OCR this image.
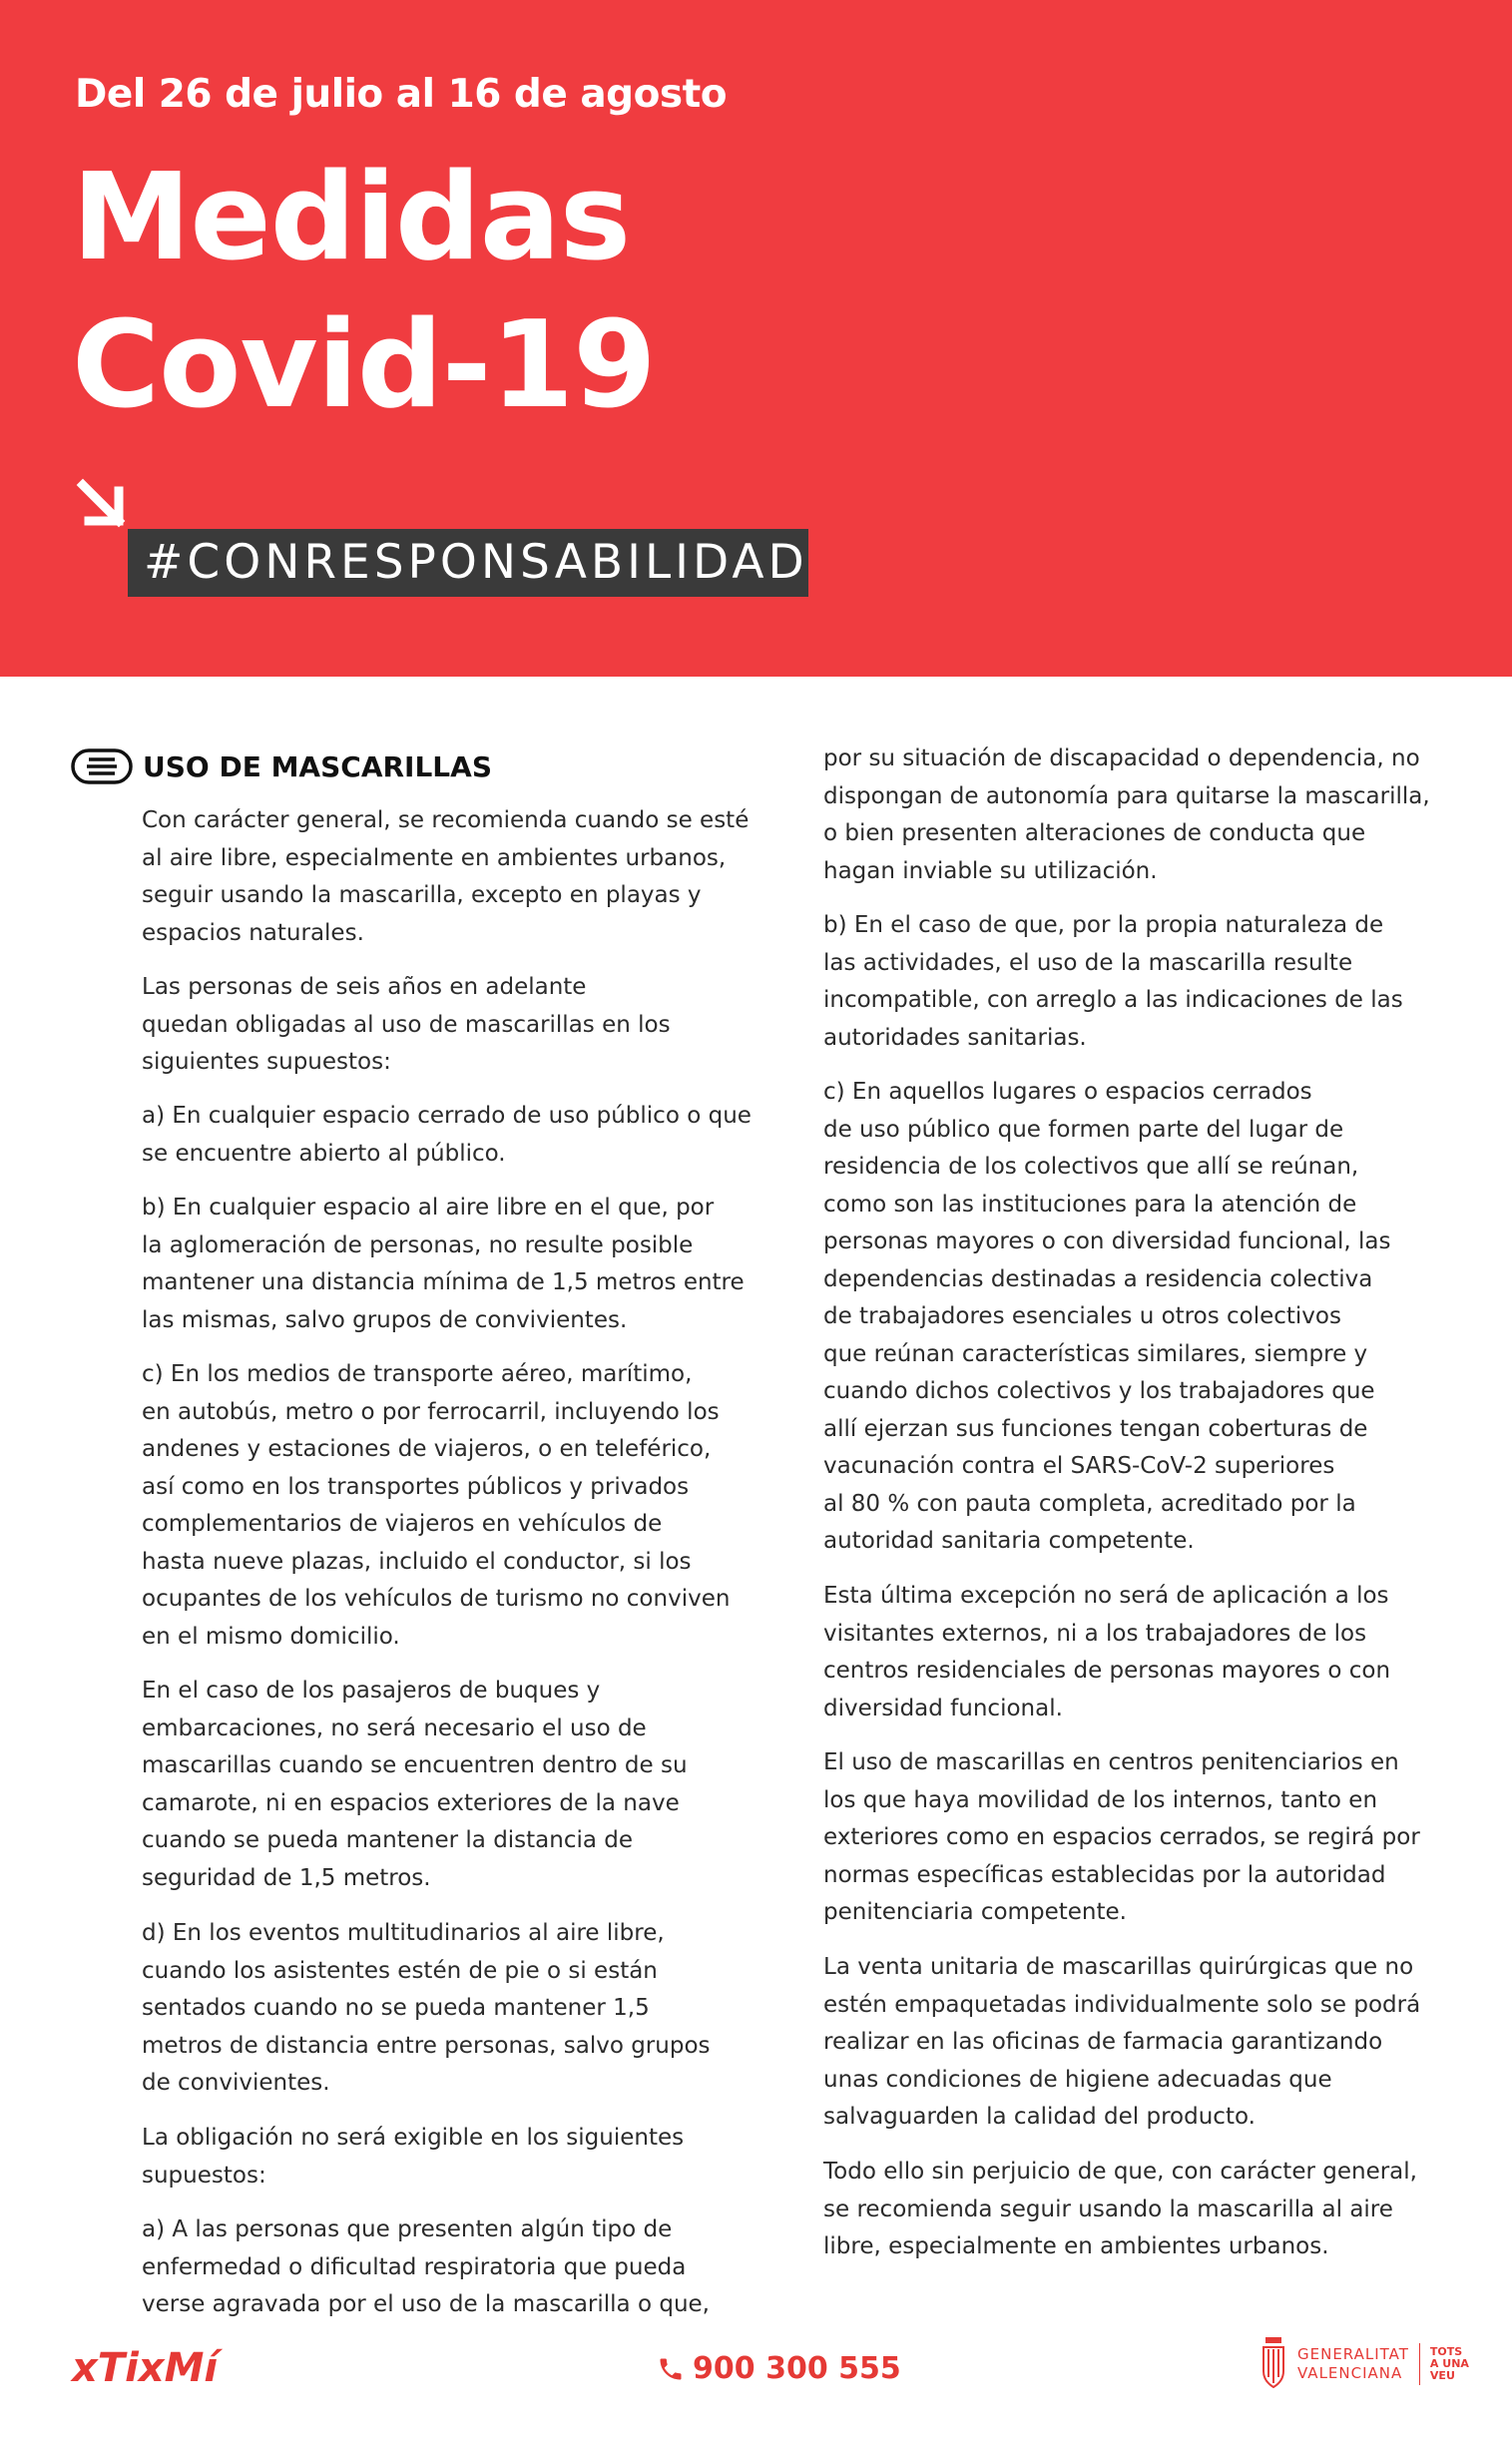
Del 26 de julio al 16 de agosto
Medidas
Covid-19
#CONRESPONSABILIDAD
USO DE MASCARILLAS

Con carácter general, se recomienda cuando se esté
al aire libre, especialmente en ambientes urbanos,
seguir usando la mascarilla, excepto en playas y
espacios naturales.

Las personas de seis años en adelante
quedan obligadas al uso de mascarillas en los
siguientes supuestos:

a) En cualquier espacio cerrado de uso público o que
se encuentre abierto al público.

b) En cualquier espacio al aire libre en el que, por
la aglomeración de personas, no resulte posible
mantener una distancia mínima de 1,5 metros entre
las mismas, salvo grupos de convivientes.

c) En los medios de transporte aéreo, marítimo,
en autobús, metro o por ferrocarril, incluyendo los
andenes y estaciones de viajeros, o en teleférico,
así como en los transportes públicos y privados
complementarios de viajeros en vehículos de
hasta nueve plazas, incluido el conductor, si los
ocupantes de los vehículos de turismo no conviven
en el mismo domicilio.

En el caso de los pasajeros de buques y
embarcaciones, no será necesario el uso de
mascarillas cuando se encuentren dentro de su
camarote, ni en espacios exteriores de la nave
cuando se pueda mantener la distancia de
seguridad de 1,5 metros.

d) En los eventos multitudinarios al aire libre,
cuando los asistentes estén de pie o si están
sentados cuando no se pueda mantener 1,5
metros de distancia entre personas, salvo grupos
de convivientes.

La obligación no será exigible en los siguientes
supuestos:

a) A las personas que presenten algún tipo de
enfermedad o dificultad respiratoria que pueda
verse agravada por el uso de la mascarilla o que,

por su situación de discapacidad o dependencia, no
dispongan de autonomía para quitarse la mascarilla,
o bien presenten alteraciones de conducta que
hagan inviable su utilización.

b) En el caso de que, por la propia naturaleza de
las actividades, el uso de la mascarilla resulte
incompatible, con arreglo a las indicaciones de las
autoridades sanitarias.

c) En aquellos lugares o espacios cerrados
de uso público que formen parte del lugar de
residencia de los colectivos que allí se reúnan,
como son las instituciones para la atención de
personas mayores o con diversidad funcional, las
dependencias destinadas a residencia colectiva
de trabajadores esenciales u otros colectivos
que reúnan características similares, siempre y
cuando dichos colectivos y los trabajadores que
allí ejerzan sus funciones tengan coberturas de
vacunación contra el SARS-CoV-2 superiores
al 80 % con pauta completa, acreditado por la
autoridad sanitaria competente.

Esta última excepción no será de aplicación a los
visitantes externos, ni a los trabajadores de los
centros residenciales de personas mayores o con
diversidad funcional.

El uso de mascarillas en centros penitenciarios en
los que haya movilidad de los internos, tanto en
exteriores como en espacios cerrados, se regirá por
normas específicas establecidas por la autoridad
penitenciaria competente.

La venta unitaria de mascarillas quirúrgicas que no
estén empaquetadas individualmente solo se podrá
realizar en las oficinas de farmacia garantizando
unas condiciones de higiene adecuadas que
salvaguarden la calidad del producto.

Todo ello sin perjuicio de que, con carácter general,
se recomienda seguir usando la mascarilla al aire
libre, especialmente en ambientes urbanos.

xTixMí	900 300 555	GENERALITAT
VALENCIANA
TOTS
A UNA
VEU
